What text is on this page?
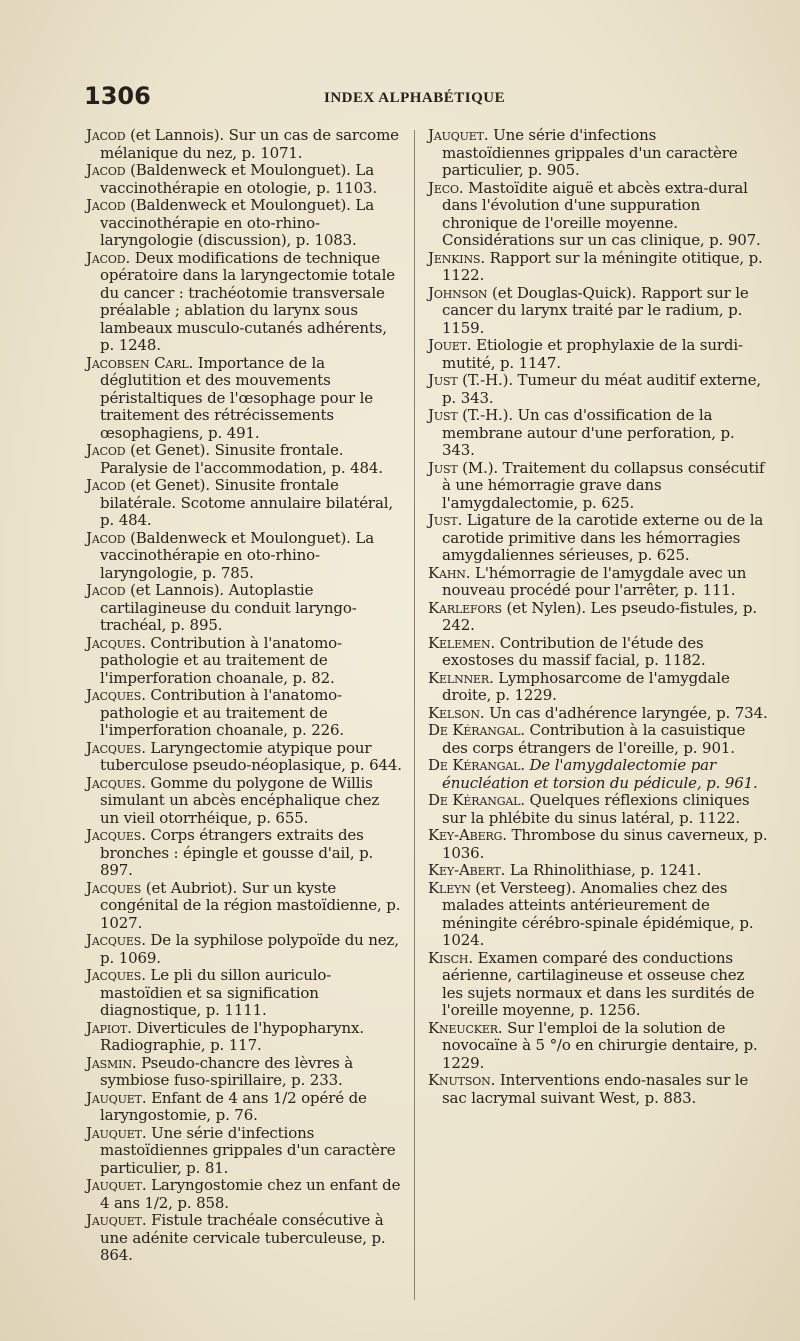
1306	INDEX ALPHABÉTIQUE

Jacod (et Lannois). Sur un cas de sarcome mélanique du nez, p. 1071.

Jacod (Baldenweck et Moulonguet). La vaccinothérapie en otologie, p. 1103.

Jacod (Baldenweck et Moulonguet). La vaccinothérapie en oto-rhino-laryngologie (discussion), p. 1083.

Jacod. Deux modifications de technique opératoire dans la laryngectomie totale du cancer : trachéotomie transversale préalable ; ablation du larynx sous lambeaux musculo-cutanés adhérents, p. 1248.

Jacobsen Carl. Importance de la déglutition et des mouvements péristaltiques de l'œsophage pour le traitement des rétrécissements œsophagiens, p. 491.

Jacod (et Genet). Sinusite frontale. Paralysie de l'accommodation, p. 484.

Jacod (et Genet). Sinusite frontale bilatérale. Scotome annulaire bilatéral, p. 484.

Jacod (Baldenweck et Moulonguet). La vaccinothérapie en oto-rhino-laryngologie, p. 785.

Jacod (et Lannois). Autoplastie cartilagineuse du conduit laryngo-trachéal, p. 895.

Jacques. Contribution à l'anatomo-pathologie et au traitement de l'imperforation choanale, p. 82.

Jacques. Contribution à l'anatomo-pathologie et au traitement de l'imperforation choanale, p. 226.

Jacques. Laryngectomie atypique pour tuberculose pseudo-néoplasique, p. 644.

Jacques. Gomme du polygone de Willis simulant un abcès encéphalique chez un vieil otorrhéique, p. 655.

Jacques. Corps étrangers extraits des bronches : épingle et gousse d'ail, p. 897.

Jacques (et Aubriot). Sur un kyste congénital de la région mastoïdienne, p. 1027.

Jacques. De la syphilose polypoïde du nez, p. 1069.

Jacques. Le pli du sillon auriculo-mastoïdien et sa signification diagnostique, p. 1111.

Japiot. Diverticules de l'hypopharynx. Radiographie, p. 117.

Jasmin. Pseudo-chancre des lèvres à symbiose fuso-spirillaire, p. 233.

Jauquet. Enfant de 4 ans 1/2 opéré de laryngostomie, p. 76.

Jauquet. Une série d'infections mastoïdiennes grippales d'un caractère particulier, p. 81.

Jauquet. Laryngostomie chez un enfant de 4 ans 1/2, p. 858.

Jauquet. Fistule trachéale consécutive à une adénite cervicale tuberculeuse, p. 864.

Jauquet. Une série d'infections mastoïdiennes grippales d'un caractère particulier, p. 905.

Jeco. Mastoïdite aiguë et abcès extra-dural dans l'évolution d'une suppuration chronique de l'oreille moyenne. Considérations sur un cas clinique, p. 907.

Jenkins. Rapport sur la méningite otitique, p. 1122.

Johnson (et Douglas-Quick). Rapport sur le cancer du larynx traité par le radium, p. 1159.

Jouet. Etiologie et prophylaxie de la surdi-mutité, p. 1147.

Just (T.-H.). Tumeur du méat auditif externe, p. 343.

Just (T.-H.). Un cas d'ossification de la membrane autour d'une perforation, p. 343.

Just (M.). Traitement du collapsus consécutif à une hémorragie grave dans l'amygdalectomie, p. 625.

Just. Ligature de la carotide externe ou de la carotide primitive dans les hémorragies amygdaliennes sérieuses, p. 625.

Kahn. L'hémorragie de l'amygdale avec un nouveau procédé pour l'arrêter, p. 111.

Karlefors (et Nylen). Les pseudo-fistules, p. 242.

Kelemen. Contribution de l'étude des exostoses du massif facial, p. 1182.

Kelnner. Lymphosarcome de l'amygdale droite, p. 1229.

Kelson. Un cas d'adhérence laryngée, p. 734.

De Kérangal. Contribution à la casuistique des corps étrangers de l'oreille, p. 901.

De Kérangal. De l'amygdalectomie par énucléation et torsion du pédicule, p. 961.

De Kérangal. Quelques réflexions cliniques sur la phlébite du sinus latéral, p. 1122.

Key-Aberg. Thrombose du sinus caverneux, p. 1036.

Key-Abert. La Rhinolithiase, p. 1241.

Kleyn (et Versteeg). Anomalies chez des malades atteints antérieurement de méningite cérébro-spinale épidémique, p. 1024.

Kisch. Examen comparé des conductions aérienne, cartilagineuse et osseuse chez les sujets normaux et dans les surdités de l'oreille moyenne, p. 1256.

Kneucker. Sur l'emploi de la solution de novocaïne à 5 °/o en chirurgie dentaire, p. 1229.

Knutson. Interventions endo-nasales sur le sac lacrymal suivant West, p. 883.
